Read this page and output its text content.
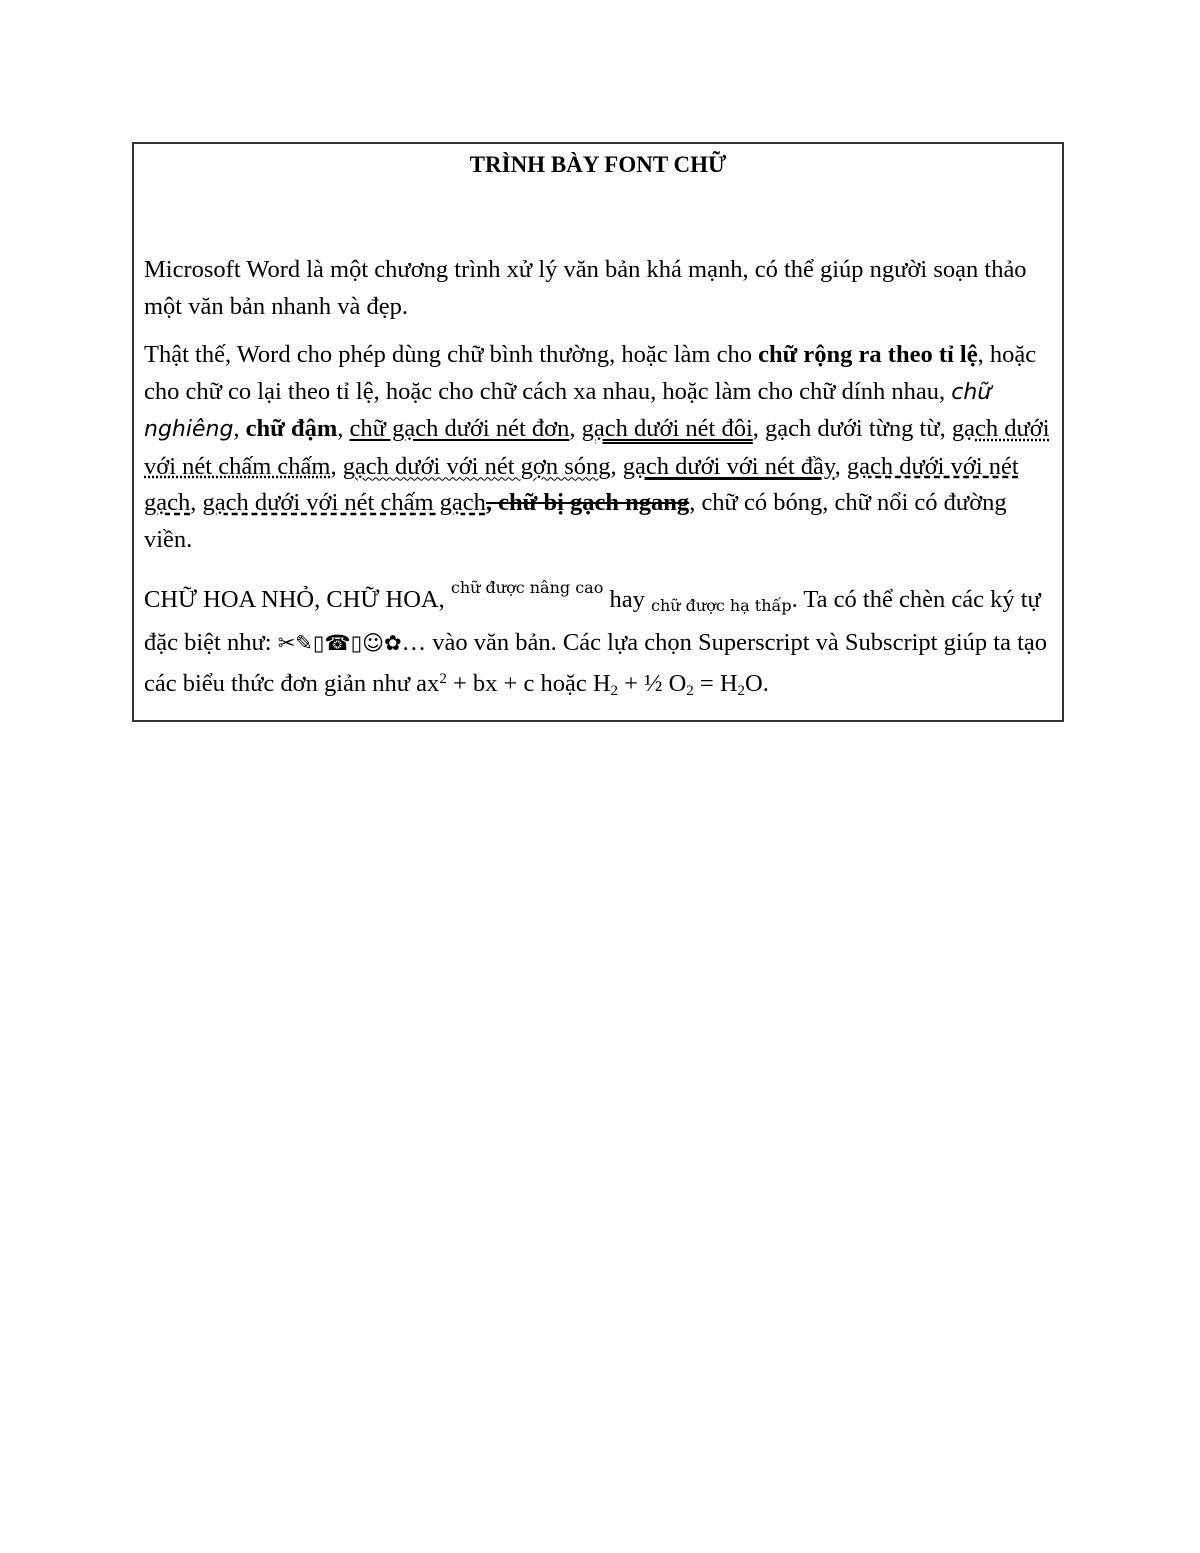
TRÌNH BÀY FONT CHỮ

Microsoft Word là một chương trình xử lý văn bản khá mạnh, có thể giúp người soạn thảo một văn bản nhanh và đẹp.

Thật thế, Word cho phép dùng chữ bình thường, hoặc làm cho chữ rộng ra theo tỉ lệ, hoặc cho chữ co lại theo tỉ lệ, hoặc cho chữ cách xa nhau, hoặc làm cho chữ dính nhau, chữ nghiêng, chữ đậm, chữ gạch dưới nét đơn, gạch dưới nét đôi, gạch dưới từng từ, gạch dưới với nét chấm chấm, gạch dưới với nét gợn sóng, gạch dưới với nét đầy, gạch dưới với nét gạch, gạch dưới với nét chấm gạch, chữ bị gạch ngang, chữ có bóng, chữ nổi có đường viền.

CHỮ HOA NHỎ, CHỮ HOA, $^{chữ được nâng cao}$ hay chữ được hạ thấp. Ta có thể chèn các ký tự đặc biệt như: ✂✎▯☎▯☺✿… vào văn bản. Các lựa chọn Superscript và Subscript giúp ta tạo các biểu thức đơn giản như $ax^2$ + bx + c hoặc $H_2$ + ½ $O_2 = H_2O$.
